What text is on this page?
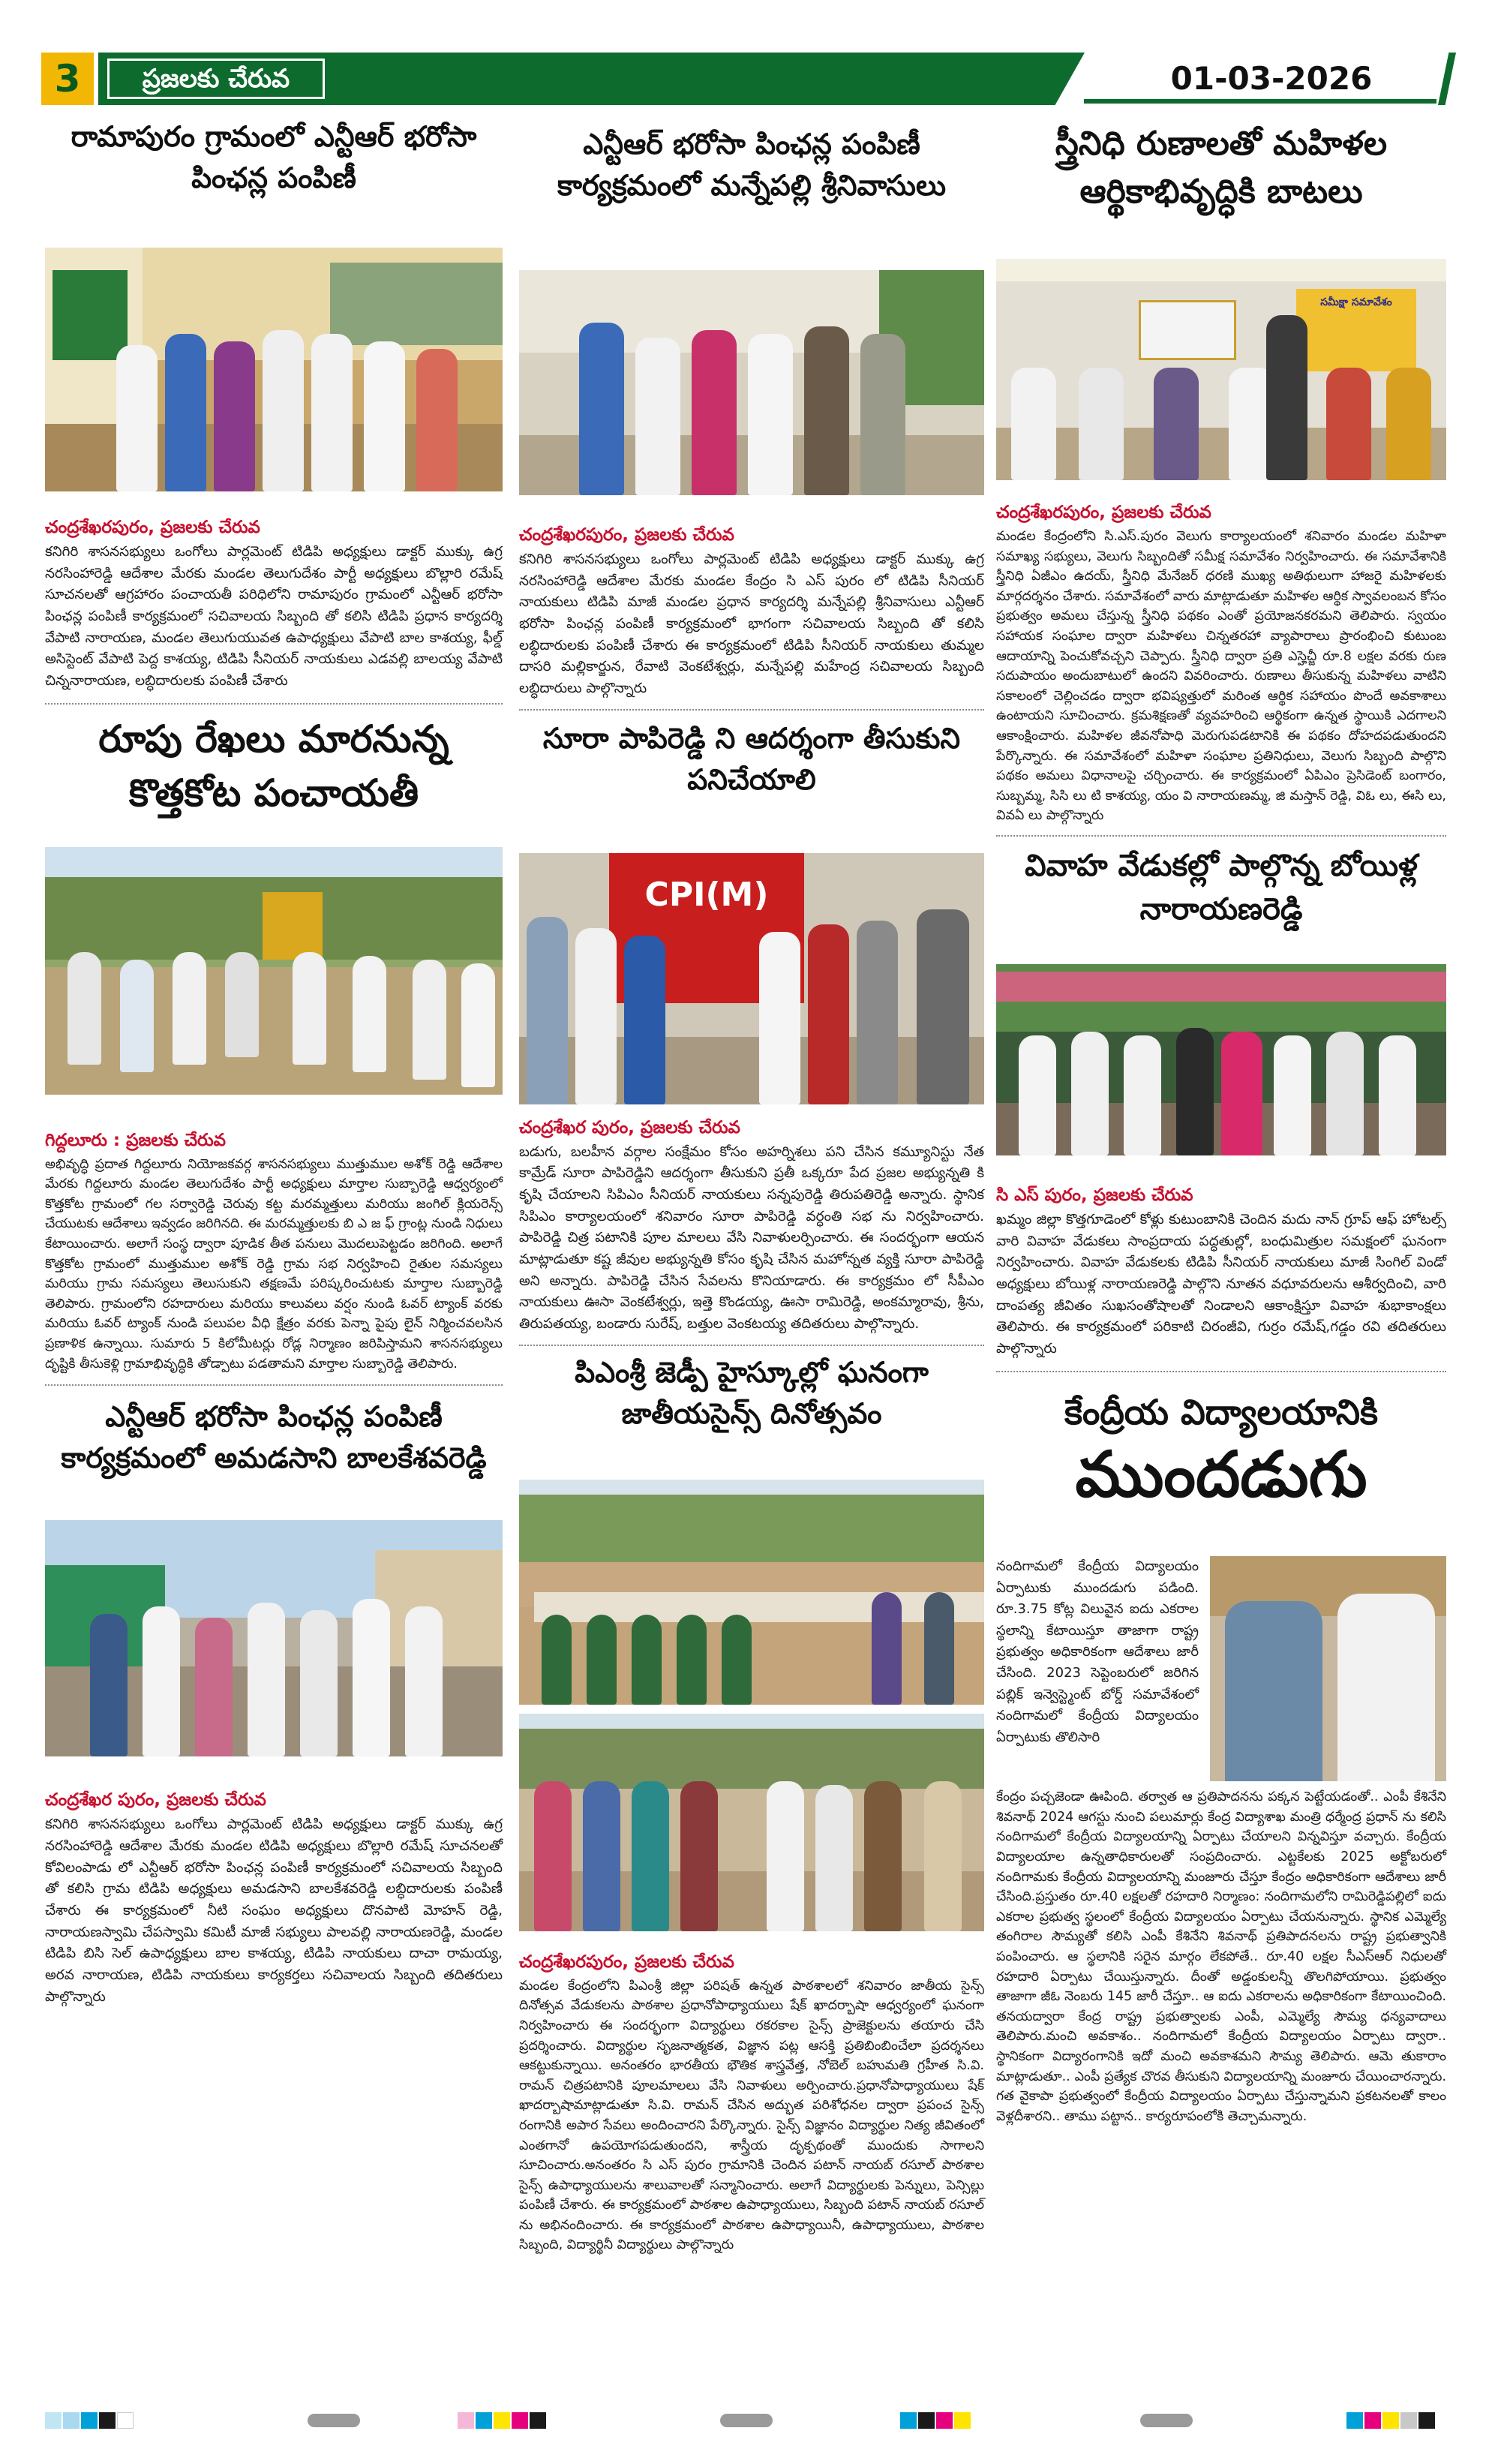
3	ప్రజలకు చేరువ	01-03-2026
రామాపురం గ్రామంలో ఎన్టీఆర్ భరోసా పింఛన్ల పంపిణీ
చంద్రశేఖరపురం, ప్రజలకు చేరువ
కనిగిరి శాసనసభ్యులు ఒంగోలు పార్లమెంట్ టిడిపి అధ్యక్షులు డాక్టర్ ముక్కు ఉగ్ర నరసింహారెడ్డి ఆదేశాల మేరకు మండల తెలుగుదేశం పార్టీ అధ్యక్షులు బొల్లారి రమేష్ సూచనలతో ఆగ్రహారం పంచాయతీ పరిధిలోని రామాపురం గ్రామంలో ఎన్టీఆర్ భరోసా పింఛన్ల పంపిణీ కార్యక్రమంలో సచివాలయ సిబ్బంది తో కలిసి టిడిపి ప్రధాన కార్యదర్శి వేపాటి నారాయణ, మండల తెలుగుయువత ఉపాధ్యక్షులు వేపాటి బాల కాశయ్య, ఫీల్డ్ అసిస్టెంట్ వేపాటి పెద్ద కాశయ్య, టిడిపి సీనియర్ నాయకులు ఎడవల్లి బాలయ్య వేపాటి చిన్ననారాయణ, లబ్ధిదారులకు పంపిణీ చేశారు
రూపు రేఖలు మారనున్న కొత్తకోట పంచాయతీ
గిద్దలూరు : ప్రజలకు చేరువ
అభివృద్ధి ప్రదాత గిద్దలూరు నియోజకవర్గ శాసనసభ్యులు ముత్తుముల అశోక్ రెడ్డి ఆదేశాల మేరకు గిద్దలూరు మండల తెలుగుదేశం పార్టీ అధ్యక్షులు మార్తాల సుబ్బారెడ్డి ఆధ్వర్యంలో కొత్తకోట గ్రామంలో గల సర్వారెడ్డి చెరువు కట్ట మరమ్మత్తులు మరియు జంగిల్ క్లియరెన్స్ చేయుటకు ఆదేశాలు ఇవ్వడం జరిగినది. ఈ మరమ్మత్తులకు బి ఎ జ ఫ్ గ్రాంట్ల నుండి నిధులు కేటాయించారు. అలాగే సంస్థ ద్వారా పూడిక తీత పనులు మొదలుపెట్టడం జరిగింది. అలాగే కొత్తకోట గ్రామంలో ముత్తుముల అశోక్ రెడ్డి గ్రామ సభ నిర్వహించి రైతుల సమస్యలు మరియు గ్రామ సమస్యలు తెలుసుకుని తక్షణమే పరిష్కరించుటకు మార్తాల సుబ్బారెడ్డి తెలిపారు. గ్రామంలోని రహదారులు మరియు కాలువలు వర్షం నుండి ఓవర్ ట్యాంక్ వరకు మరియు ఓవర్ ట్యాంక్ నుండి పలుపల వీధి క్షేత్రం వరకు పెన్నా పైపు లైన్ నిర్మించవలసిన ప్రణాళిక ఉన్నాయి. సుమారు 5 కిలోమీటర్లు రోడ్ల నిర్మాణం జరిపిస్తామని శాసనసభ్యులు దృష్టికి తీసుకెళ్లి గ్రామాభివృద్ధికి తోడ్పాటు పడతామని మార్తాల సుబ్బారెడ్డి తెలిపారు.
ఎన్టీఆర్ భరోసా పింఛన్ల పంపిణీ కార్యక్రమంలో అమడసాని బాలకేశవరెడ్డి
చంద్రశేఖర పురం, ప్రజలకు చేరువ
కనిగిరి శాసనసభ్యులు ఒంగోలు పార్లమెంట్ టిడిపి అధ్యక్షులు డాక్టర్ ముక్కు ఉగ్ర నరసింహారెడ్డి ఆదేశాల మేరకు మండల టిడిపి అధ్యక్షులు బొల్లారి రమేష్ సూచనలతో కోవిలంపాడు లో ఎన్టీఆర్ భరోసా పింఛన్ల పంపిణీ కార్యక్రమంలో సచివాలయ సిబ్బంది తో కలిసి గ్రామ టిడిపి అధ్యక్షులు అమడసాని బాలకేశవరెడ్డి లబ్ధిదారులకు పంపిణీ చేశారు ఈ కార్యక్రమంలో నీటి సంఘం అధ్యక్షులు దొనపాటి మోహన్ రెడ్డి, నారాయణస్వామి చేపస్వామి కమిటీ మాజీ సభ్యులు పాలవల్లి నారాయణరెడ్డి, మండల టిడిపి బిసి సెల్ ఉపాధ్యక్షులు బాల కాశయ్య, టిడిపి నాయకులు దాచా రామయ్య, అరవ నారాయణ, టిడిపి నాయకులు కార్యకర్తలు సచివాలయ సిబ్బంది తదితరులు పాల్గొన్నారు
ఎన్టీఆర్ భరోసా పింఛన్ల పంపిణీ కార్యక్రమంలో మన్నేపల్లి శ్రీనివాసులు
చంద్రశేఖరపురం, ప్రజలకు చేరువ
కనిగిరి శాసనసభ్యులు ఒంగోలు పార్లమెంట్ టిడిపి అధ్యక్షులు డాక్టర్ ముక్కు ఉగ్ర నరసింహారెడ్డి ఆదేశాల మేరకు మండల కేంద్రం సి ఎస్ పురం లో టిడిపి సీనియర్ నాయకులు టిడిపి మాజీ మండల ప్రధాన కార్యదర్శి మన్నేపల్లి శ్రీనివాసులు ఎన్టీఆర్ భరోసా పింఛన్ల పంపిణీ కార్యక్రమంలో భాగంగా సచివాలయ సిబ్బంది తో కలిసి లబ్ధిదారులకు పంపిణీ చేశారు ఈ కార్యక్రమంలో టిడిపి సీనియర్ నాయకులు తుమ్మల దాసరి మల్లికార్జున, రేవాటి వెంకటేశ్వర్లు, మన్నేపల్లి మహేంద్ర సచివాలయ సిబ్బంది లబ్ధిదారులు పాల్గొన్నారు
సూరా పాపిరెడ్డి ని ఆదర్శంగా తీసుకుని పనిచేయాలి
CPI(M)
చంద్రశేఖర పురం, ప్రజలకు చేరువ
బడుగు, బలహీన వర్గాల సంక్షేమం కోసం అహర్నిశలు పని చేసిన కమ్యూనిస్టు నేత కామ్రేడ్ సూరా పాపిరెడ్డిని ఆదర్శంగా తీసుకుని ప్రతీ ఒక్కరూ పేద ప్రజల అభ్యున్నతి కి కృషి చేయాలని సిపిఎం సీనియర్ నాయకులు సన్నపురెడ్డి తిరుపతిరెడ్డి అన్నారు. స్థానిక సిపిఎం కార్యాలయంలో శనివారం సూరా పాపిరెడ్డి వర్ధంతి సభ ను నిర్వహించారు. పాపిరెడ్డి చిత్ర పటానికి పూల మాలలు వేసి నివాళులర్పించారు. ఈ సందర్భంగా ఆయన మాట్లాడుతూ కష్ట జీవుల అభ్యున్నతి కోసం కృషి చేసిన మహోన్నత వ్యక్తి సూరా పాపిరెడ్డి అని అన్నారు. పాపిరెడ్డి చేసిన సేవలను కొనియాడారు. ఈ కార్యక్రమం లో సీపీఎం నాయకులు ఊసా వెంకటేశ్వర్లు, ఇత్తె కొండయ్య, ఊసా రామిరెడ్డి, అంకమ్మారావు, శ్రీను, తిరుపతయ్య, బండారు సురేష్, బత్తుల వెంకటయ్య తదితరులు పాల్గొన్నారు.
పిఎంశ్రీ జెడ్పీ హైస్కూల్లో ఘనంగా జాతీయసైన్స్ దినోత్సవం
చంద్రశేఖరపురం, ప్రజలకు చేరువ
మండల కేంద్రంలోని పిఎంశ్రీ జిల్లా పరిషత్ ఉన్నత పాఠశాలలో శనివారం జాతీయ సైన్స్ దినోత్సవ వేడుకలను పాఠశాల ప్రధానోపాధ్యాయులు షేక్ ఖాదర్బాషా ఆధ్వర్యంలో ఘనంగా నిర్వహించారు ఈ సందర్భంగా విద్యార్థులు రకరకాల సైన్స్ ప్రాజెక్టులను తయారు చేసి ప్రదర్శించారు. విద్యార్థుల సృజనాత్మకత, విజ్ఞాన పట్ల ఆసక్తి ప్రతిబింబించేలా ప్రదర్శనలు ఆకట్టుకున్నాయి. అనంతరం భారతీయ భౌతిక శాస్త్రవేత్త, నోబెల్ బహుమతి గ్రహీత సి.వి. రామన్ చిత్రపటానికి పూలమాలలు వేసి నివాళులు అర్పించారు.ప్రధానోపాధ్యాయులు షేక్ ఖాదర్బాషామాట్లాడుతూ సి.వి. రామన్ చేసిన అద్భుత పరిశోధనల ద్వారా ప్రపంచ సైన్స్ రంగానికి అపార సేవలు అందించారని పేర్కొన్నారు. సైన్స్ విజ్ఞానం విద్యార్థుల నిత్య జీవితంలో ఎంతగానో ఉపయోగపడుతుందని, శాస్త్రీయ దృక్పథంతో ముందుకు సాగాలని సూచించారు.అనంతరం సి ఎస్ పురం గ్రామానికి చెందిన పటాన్ నాయబ్ రసూల్ పాఠశాల సైన్స్ ఉపాధ్యాయులను శాలువాలతో సన్మానించారు. అలాగే విద్యార్థులకు పెన్నులు, పెన్సిల్లు పంపిణీ చేశారు. ఈ కార్యక్రమంలో పాఠశాల ఉపాధ్యాయులు, సిబ్బంది పటాన్ నాయబ్ రసూల్ ను అభినందించారు. ఈ కార్యక్రమంలో పాఠశాల ఉపాధ్యాయినీ, ఉపాధ్యాయులు, పాఠశాల సిబ్బంది, విద్యార్థినీ విద్యార్థులు పాల్గొన్నారు
స్త్రీనిధి రుణాలతో మహిళల ఆర్థికాభివృద్ధికి బాటలు
సమీక్షా సమావేశం
చంద్రశేఖరపురం, ప్రజలకు చేరువ
మండల కేంద్రంలోని సి.ఎస్.పురం వెలుగు కార్యాలయంలో శనివారం మండల మహిళా సమాఖ్య సభ్యులు, వెలుగు సిబ్బందితో సమీక్ష సమావేశం నిర్వహించారు. ఈ సమావేశానికి స్త్రీనిధి ఏజీఎం ఉదయ్, స్త్రీనిధి మేనేజర్ ధరణి ముఖ్య అతిథులుగా హాజరై మహిళలకు మార్గదర్శనం చేశారు. సమావేశంలో వారు మాట్లాడుతూ మహిళల ఆర్థిక స్వావలంబన కోసం ప్రభుత్వం అమలు చేస్తున్న స్త్రీనిధి పథకం ఎంతో ప్రయోజనకరమని తెలిపారు. స్వయం సహాయక సంఘాల ద్వారా మహిళలు చిన్నతరహా వ్యాపారాలు ప్రారంభించి కుటుంబ ఆదాయాన్ని పెంచుకోవచ్చని చెప్పారు. స్త్రీనిధి ద్వారా ప్రతి ఎస్హెచ్జీ రూ.8 లక్షల వరకు రుణ సదుపాయం అందుబాటులో ఉందని వివరించారు. రుణాలు తీసుకున్న మహిళలు వాటిని సకాలంలో చెల్లించడం ద్వారా భవిష్యత్తులో మరింత ఆర్థిక సహాయం పొందే అవకాశాలు ఉంటాయని సూచించారు. క్రమశిక్షణతో వ్యవహరించి ఆర్థికంగా ఉన్నత స్థాయికి ఎదగాలని ఆకాంక్షించారు. మహిళల జీవనోపాధి మెరుగుపడటానికి ఈ పథకం దోహదపడుతుందని పేర్కొన్నారు. ఈ సమావేశంలో మహిళా సంఘాల ప్రతినిధులు, వెలుగు సిబ్బంది పాల్గొని పథకం అమలు విధానాలపై చర్చించారు. ఈ కార్యక్రమంలో ఏపిఎం ప్రెసిడెంట్ బంగారం, సుబ్బమ్మ, సిసి లు టి కాశయ్య, యం వి నారాయణమ్మ, జి మస్తాన్ రెడ్డి, విఓ లు, ఈసి లు, వివఏ లు పాల్గొన్నారు
వివాహ వేడుకల్లో పాల్గొన్న బోయిళ్ల నారాయణరెడ్డి
సి ఎస్ పురం, ప్రజలకు చేరువ
ఖమ్మం జిల్లా కొత్తగూడెంలో కోళ్లు కుటుంబానికి చెందిన మదు నాన్ గ్రూప్ ఆఫ్ హోటల్స్ వారి వివాహ వేడుకలు సాంప్రదాయ పద్ధతుల్లో, బంధుమిత్రుల సమక్షంలో ఘనంగా నిర్వహించారు. వివాహ వేడుకలకు టిడిపి సీనియర్ నాయకులు మాజీ సింగిల్ విండో అధ్యక్షులు బోయిళ్ల నారాయణరెడ్డి పాల్గొని నూతన వధూవరులను ఆశీర్వదించి, వారి దాంపత్య జీవితం సుఖసంతోషాలతో నిండాలని ఆకాంక్షిస్తూ వివాహ శుభాకాంక్షలు తెలిపారు. ఈ కార్యక్రమంలో పరికాటి చిరంజీవి, గుర్రం రమేష్,గడ్డం రవి తదితరులు పాల్గొన్నారు
కేంద్రీయ విద్యాలయానికి
ముందడుగు
నందిగామలో కేంద్రీయ విద్యాలయం ఏర్పాటుకు ముందడుగు పడింది. రూ.3.75 కోట్ల విలువైన ఐదు ఎకరాల స్థలాన్ని కేటాయిస్తూ తాజాగా రాష్ట్ర ప్రభుత్వం అధికారికంగా ఆదేశాలు జారీ చేసింది. 2023 సెప్టెంబరులో జరిగిన పబ్లిక్ ఇన్వెస్ట్మెంట్ బోర్డ్ సమావేశంలో నందిగామలో కేంద్రీయ విద్యాలయం ఏర్పాటుకు తొలిసారి
కేంద్రం పచ్చజెండా ఊపింది. తర్వాత ఆ ప్రతిపాదనను పక్కన పెట్టేయడంతో.. ఎంపీ కేశినేని శివనాథ్ 2024 ఆగస్టు నుంచి పలుమార్లు కేంద్ర విద్యాశాఖ మంత్రి ధర్మేంద్ర ప్రధాన్ ను కలిసి నందిగామలో కేంద్రీయ విద్యాలయాన్ని ఏర్పాటు చేయాలని విన్నవిస్తూ వచ్చారు. కేంద్రీయ విద్యాలయాల ఉన్నతాధికారులతో సంప్రదించారు. ఎట్టకేలకు 2025 అక్టోబరులో నందిగామకు కేంద్రీయ విద్యాలయాన్ని మంజూరు చేస్తూ కేంద్రం అధికారికంగా ఆదేశాలు జారీ చేసింది.ప్రస్తుతం రూ.40 లక్షలతో రహదారి నిర్మాణం: నందిగామలోని రామిరెడ్డిపల్లిలో ఐదు ఎకరాల ప్రభుత్వ స్థలంలో కేంద్రీయ విద్యాలయం ఏర్పాటు చేయనున్నారు. స్థానిక ఎమ్మెల్యే తంగిరాల సౌమ్యతో కలిసి ఎంపీ కేశినేని శివనాథ్ ప్రతిపాదనలను రాష్ట్ర ప్రభుత్వానికి పంపించారు. ఆ స్థలానికి సరైన మార్గం లేకపోతే.. రూ.40 లక్షల సీఎస్ఆర్ నిధులతో రహదారి ఏర్పాటు చేయిస్తున్నారు. దీంతో అడ్డంకులన్నీ తొలగిపోయాయి. ప్రభుత్వం తాజాగా జీఓ నెంబరు 145 జారీ చేస్తూ.. ఆ ఐదు ఎకరాలను అధికారికంగా కేటాయించింది. తనయద్వారా కేంద్ర రాష్ట్ర ప్రభుత్వాలకు ఎంపీ, ఎమ్మెల్యే సౌమ్య ధన్యవాదాలు తెలిపారు.మంచి అవకాశం.. నందిగామలో కేంద్రీయ విద్యాలయం ఏర్పాటు ద్వారా.. స్థానికంగా విద్యారంగానికి ఇదో మంచి అవకాశమని సౌమ్య తెలిపారు. ఆమె తుకారాం మాట్లాడుతూ.. ఎంపీ ప్రత్యేక చొరవ తీసుకుని విద్యాలయాన్ని మంజూరు చేయించారన్నారు. గత వైకాపా ప్రభుత్వంలో కేంద్రీయ విద్యాలయం ఏర్పాటు చేస్తున్నామని ప్రకటనలతో కాలం వెళ్లదీశారని.. తాము పట్టాన.. కార్యరూపంలోకి తెచ్చామన్నారు.
